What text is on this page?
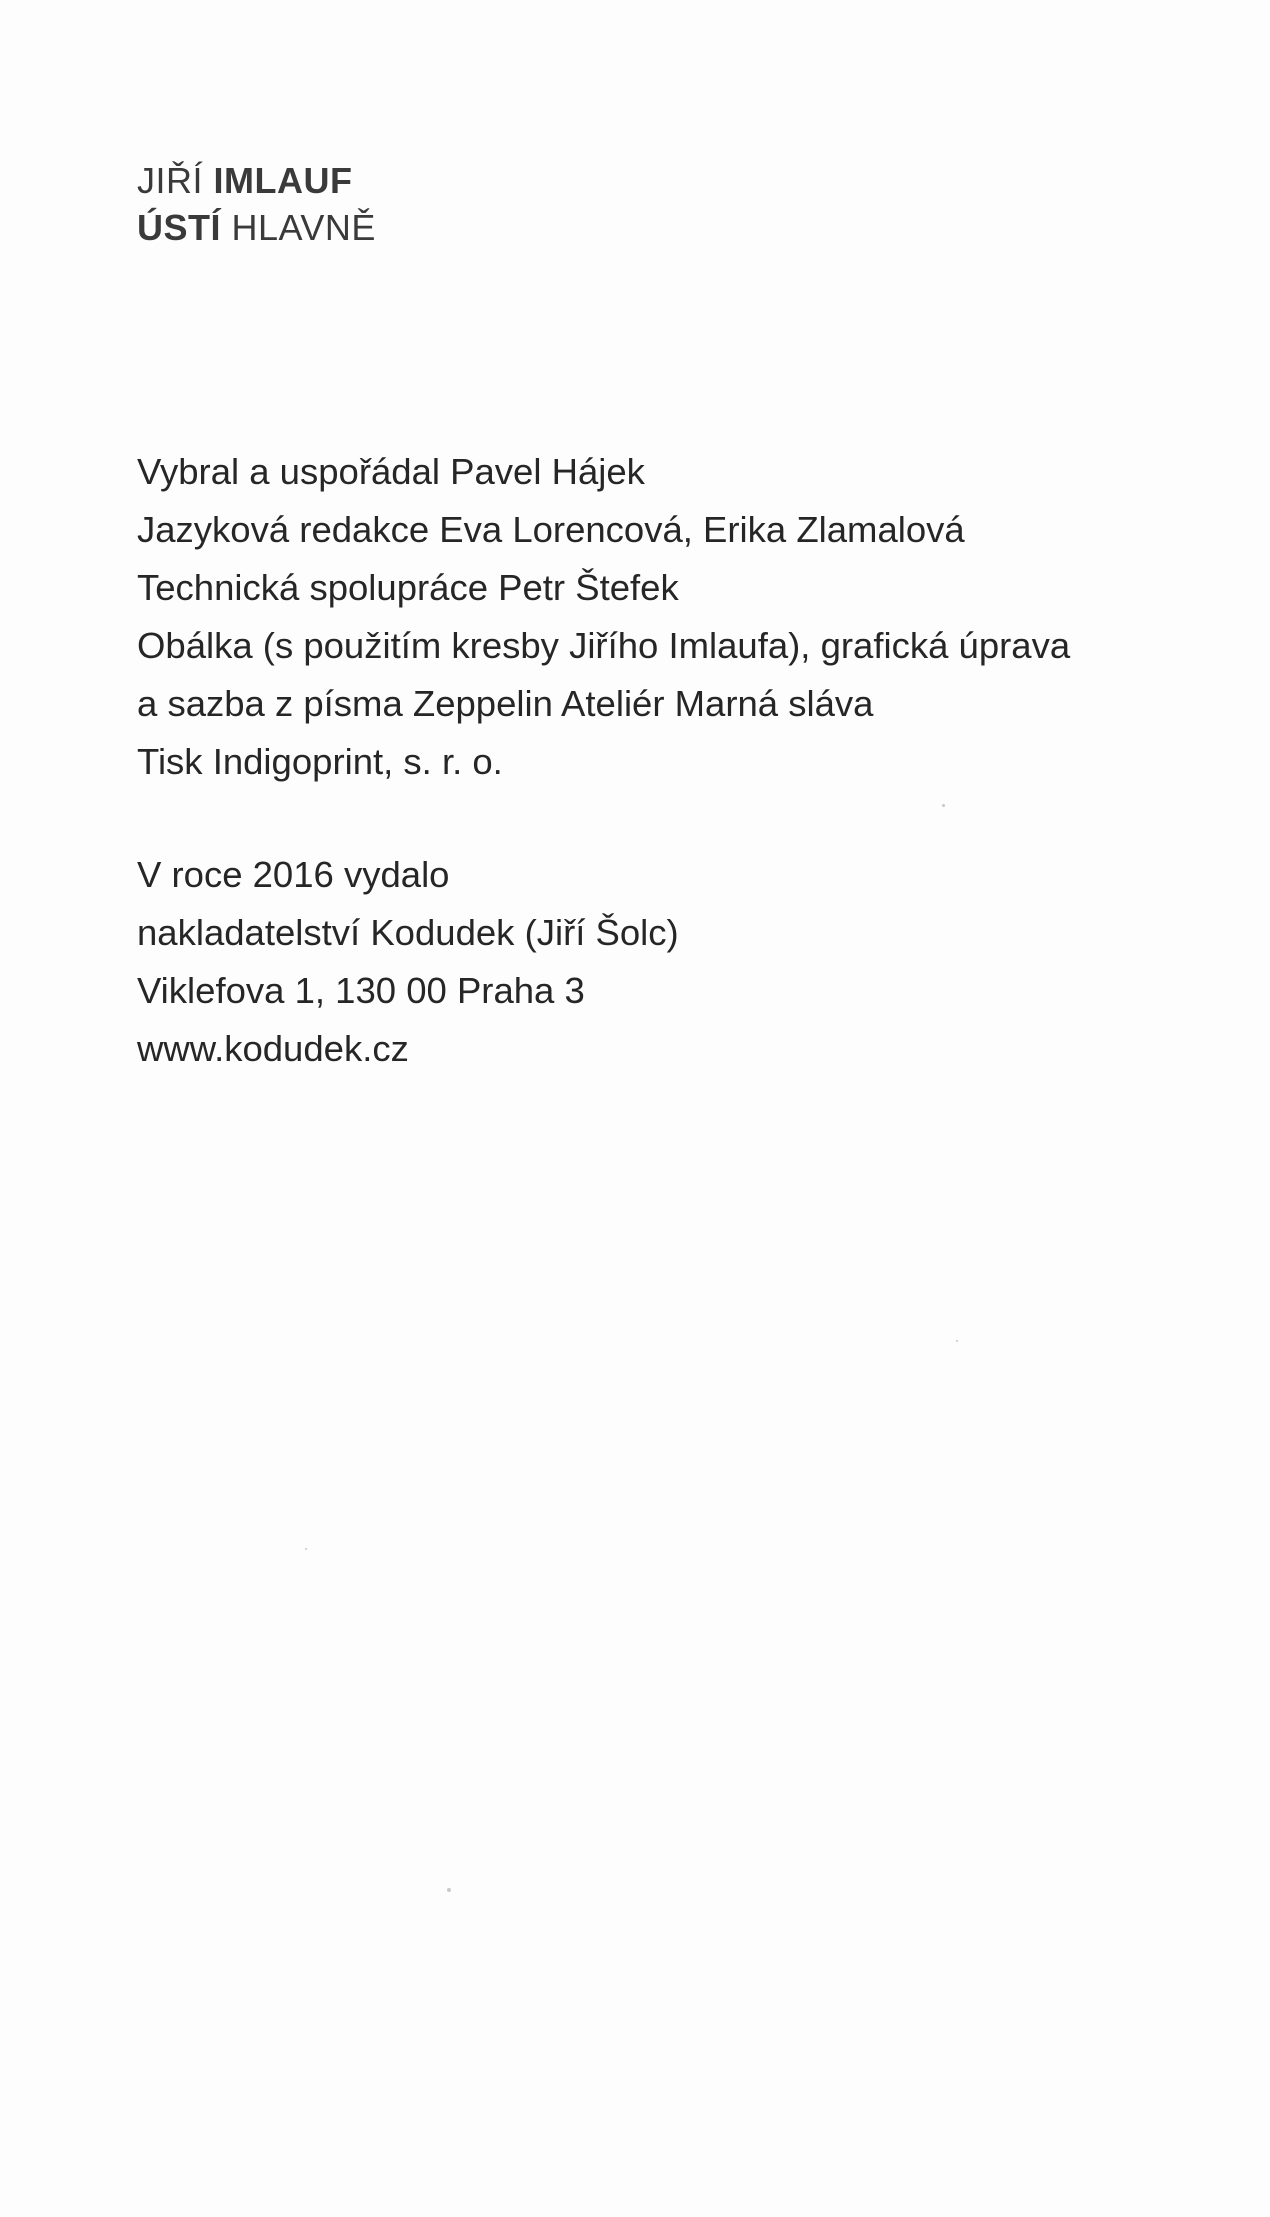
JIŘÍ IMLAUF
ÚSTÍ HLAVNĚ
Vybral a uspořádal Pavel Hájek
Jazyková redakce Eva Lorencová, Erika Zlamalová
Technická spolupráce Petr Štefek
Obálka (s použitím kresby Jiřího Imlaufa), grafická úprava
a sazba z písma Zeppelin Ateliér Marná sláva
Tisk Indigoprint, s. r. o.
V roce 2016 vydalo
nakladatelství Kodudek (Jiří Šolc)
Viklefova 1, 130 00 Praha 3
www.kodudek.cz
